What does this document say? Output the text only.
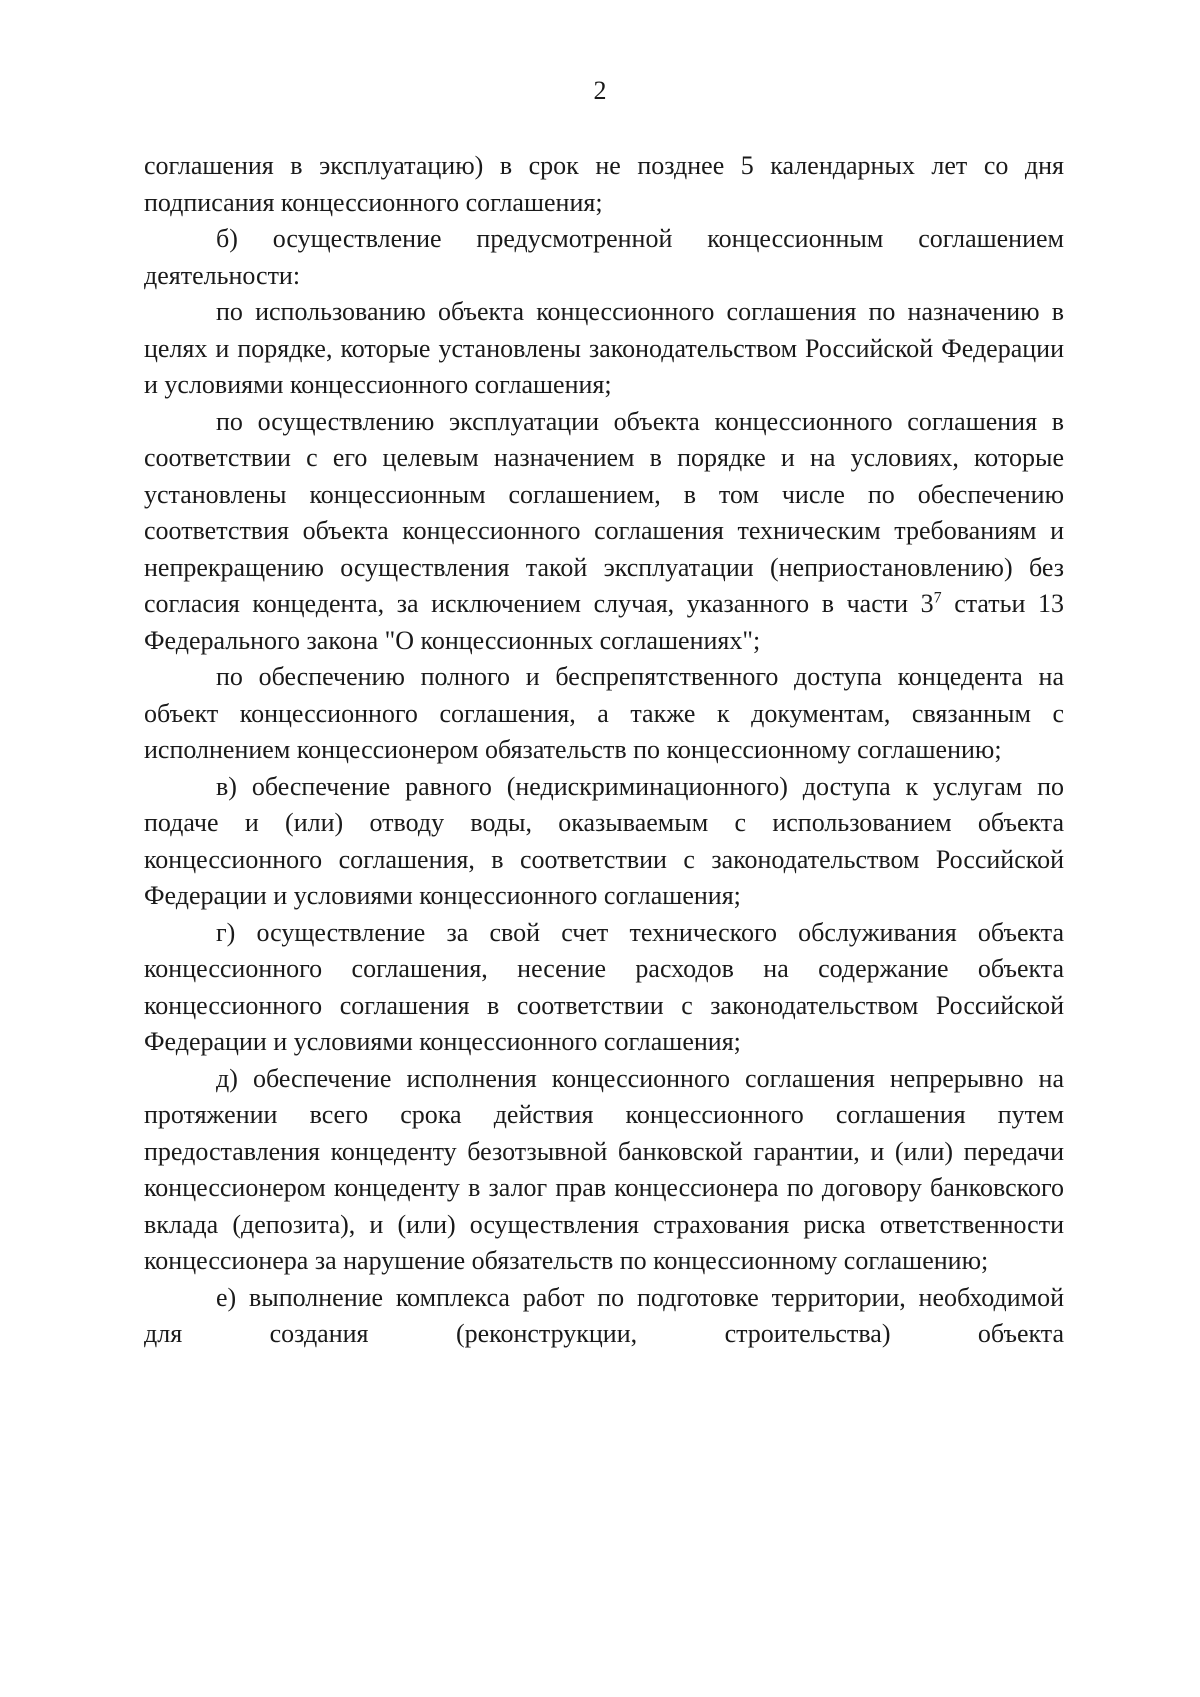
2

соглашения в эксплуатацию) в срок не позднее 5 календарных лет со дня подписания концессионного соглашения;

б) осуществление предусмотренной концессионным соглашением деятельности:

по использованию объекта концессионного соглашения по назначению в целях и порядке, которые установлены законодательством Российской Федерации и условиями концессионного соглашения;

по осуществлению эксплуатации объекта концессионного соглашения в соответствии с его целевым назначением в порядке и на условиях, которые установлены концессионным соглашением, в том числе по обеспечению соответствия объекта концессионного соглашения техническим требованиям и непрекращению осуществления такой эксплуатации (неприостановлению) без согласия концедента, за исключением случая, указанного в части $3^7$ статьи 13 Федерального закона "О концессионных соглашениях";

по обеспечению полного и беспрепятственного доступа концедента на объект концессионного соглашения, а также к документам, связанным с исполнением концессионером обязательств по концессионному соглашению;

в) обеспечение равного (недискриминационного) доступа к услугам по подаче и (или) отводу воды, оказываемым с использованием объекта концессионного соглашения, в соответствии с законодательством Российской Федерации и условиями концессионного соглашения;

г) осуществление за свой счет технического обслуживания объекта концессионного соглашения, несение расходов на содержание объекта концессионного соглашения в соответствии с законодательством Российской Федерации и условиями концессионного соглашения;

д) обеспечение исполнения концессионного соглашения непрерывно на протяжении всего срока действия концессионного соглашения путем предоставления концеденту безотзывной банковской гарантии, и (или) передачи концессионером концеденту в залог прав концессионера по договору банковского вклада (депозита), и (или) осуществления страхования риска ответственности концессионера за нарушение обязательств по концессионному соглашению;

е) выполнение комплекса работ по подготовке территории, необходимой для создания (реконструкции, строительства) объекта
